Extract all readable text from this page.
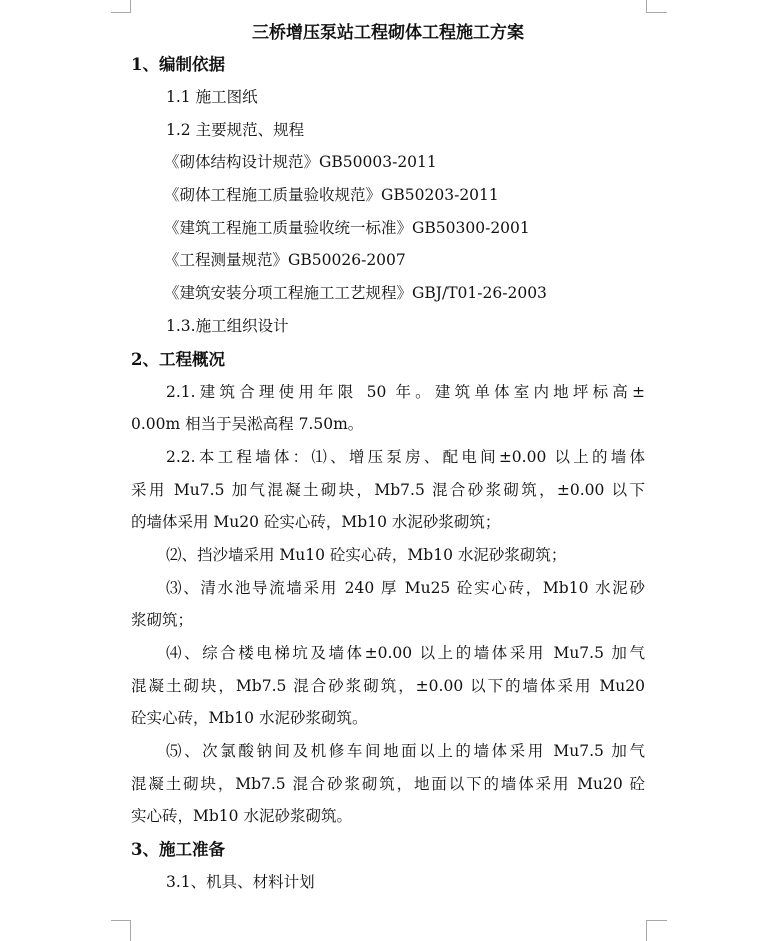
三桥增压泵站工程砌体工程施工方案
1、编制依据
1.1 施工图纸
1.2 主要规范、规程
《砌体结构设计规范》GB50003-2011
《砌体工程施工质量验收规范》GB50203-2011
《建筑工程施工质量验收统一标准》GB50300-2001
《工程测量规范》GB50026-2007
《建筑安装分项工程施工工艺规程》GBJ/T01-26-2003
1.3.施工组织设计
2、工程概况
2.1.建筑合理使用年限 50 年。建筑单体室内地坪标高±
0.00m 相当于吴淞高程 7.50m。
2.2.本工程墙体：⑴、增压泵房、配电间±0.00 以上的墙体
采用 Mu7.5 加气混凝土砌块，Mb7.5 混合砂浆砌筑，±0.00 以下
的墙体采用 Mu20 砼实心砖，Mb10 水泥砂浆砌筑；
⑵、挡沙墙采用 Mu10 砼实心砖，Mb10 水泥砂浆砌筑；
⑶、清水池导流墙采用 240 厚 Mu25 砼实心砖，Mb10 水泥砂
浆砌筑；
⑷、综合楼电梯坑及墙体±0.00 以上的墙体采用 Mu7.5 加气
混凝土砌块，Mb7.5 混合砂浆砌筑，±0.00 以下的墙体采用 Mu20
砼实心砖，Mb10 水泥砂浆砌筑。
⑸、次氯酸钠间及机修车间地面以上的墙体采用 Mu7.5 加气
混凝土砌块，Mb7.5 混合砂浆砌筑，地面以下的墙体采用 Mu20 砼
实心砖，Mb10 水泥砂浆砌筑。
3、施工准备
3.1、机具、材料计划
